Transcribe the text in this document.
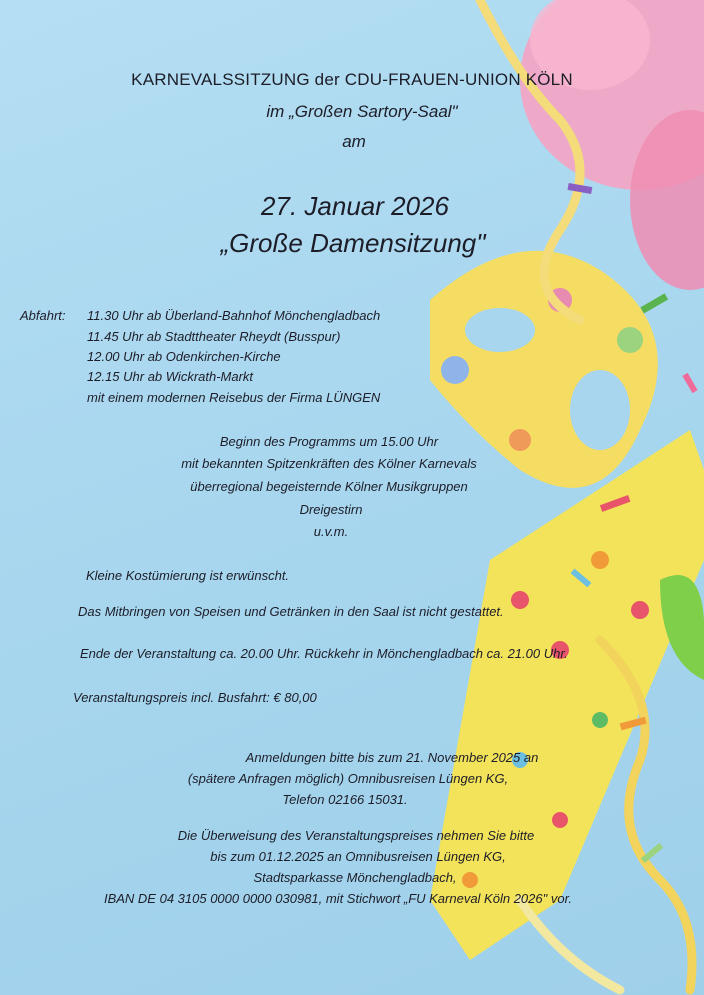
KARNEVALSSITZUNG der CDU-FRAUEN-UNION KÖLN
im „Großen Sartory-Saal"
am
27. Januar 2026
„Große Damensitzung"
Abfahrt: 11.30 Uhr ab Überland-Bahnhof Mönchengladbach
11.45 Uhr ab Stadttheater Rheydt (Busspur)
12.00 Uhr ab Odenkirchen-Kirche
12.15 Uhr ab Wickrath-Markt
mit einem modernen Reisebus der Firma LÜNGEN
Beginn des Programms um 15.00 Uhr
mit bekannten Spitzenkräften des Kölner Karnevals
überregional begeisternde Kölner Musikgruppen
Dreigestirn
u.v.m.
Kleine Kostümierung ist erwünscht.
Das Mitbringen von Speisen und Getränken in den Saal ist nicht gestattet.
Ende der Veranstaltung ca. 20.00 Uhr. Rückkehr in Mönchengladbach ca. 21.00 Uhr.
Veranstaltungspreis incl. Busfahrt: € 80,00
Anmeldungen bitte bis zum 21. November 2025 an
(spätere Anfragen möglich) Omnibusreisen Lüngen KG,
Telefon 02166 15031.
Die Überweisung des Veranstaltungspreises nehmen Sie bitte
bis zum 01.12.2025 an Omnibusreisen Lüngen KG,
Stadtsparkasse Mönchengladbach,
IBAN DE 04 3105 0000 0000 030981, mit Stichwort „FU Karneval Köln 2026" vor.
